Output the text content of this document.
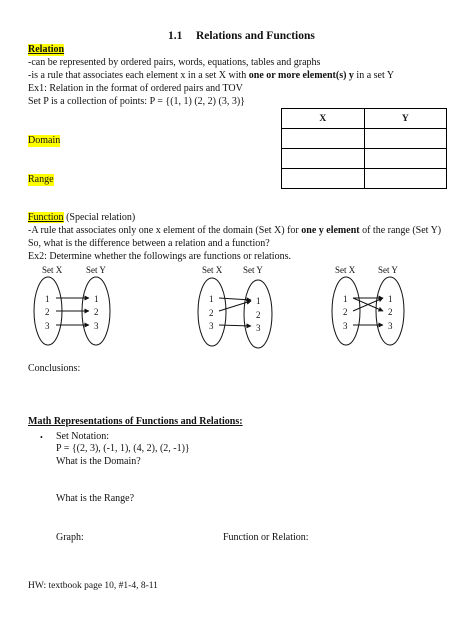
1.1 Relations and Functions
Relation
-can be represented by ordered pairs, words, equations, tables and graphs
-is a rule that associates each element x in a set X with one or more element(s) y in a set Y
Ex1: Relation in the format of ordered pairs and TOV
Set P is a collection of points: P = {(1, 1) (2, 2) (3, 3)}
X	Y

Domain
Range
Function (Special relation)
-A rule that associates only one x element of the domain (Set X) for one y element of the range (Set Y)
So, what is the difference between a relation and a function?
Ex2: Determine whether the followings are functions or relations.
Set X	Set Y	Set X Set Y	Set X	Set Y
1
2
3
1
2
3
1
2
3
1
2
3
1
2
3
1
2
3
Conclusions:
Math Representations of Functions and Relations:
• Set Notation:
P = {(2, 3), (-1, 1), (4, 2), (2, -1)}
What is the Domain?
What is the Range?
Graph:	Function or Relation:
HW: textbook page 10, #1-4, 8-11
